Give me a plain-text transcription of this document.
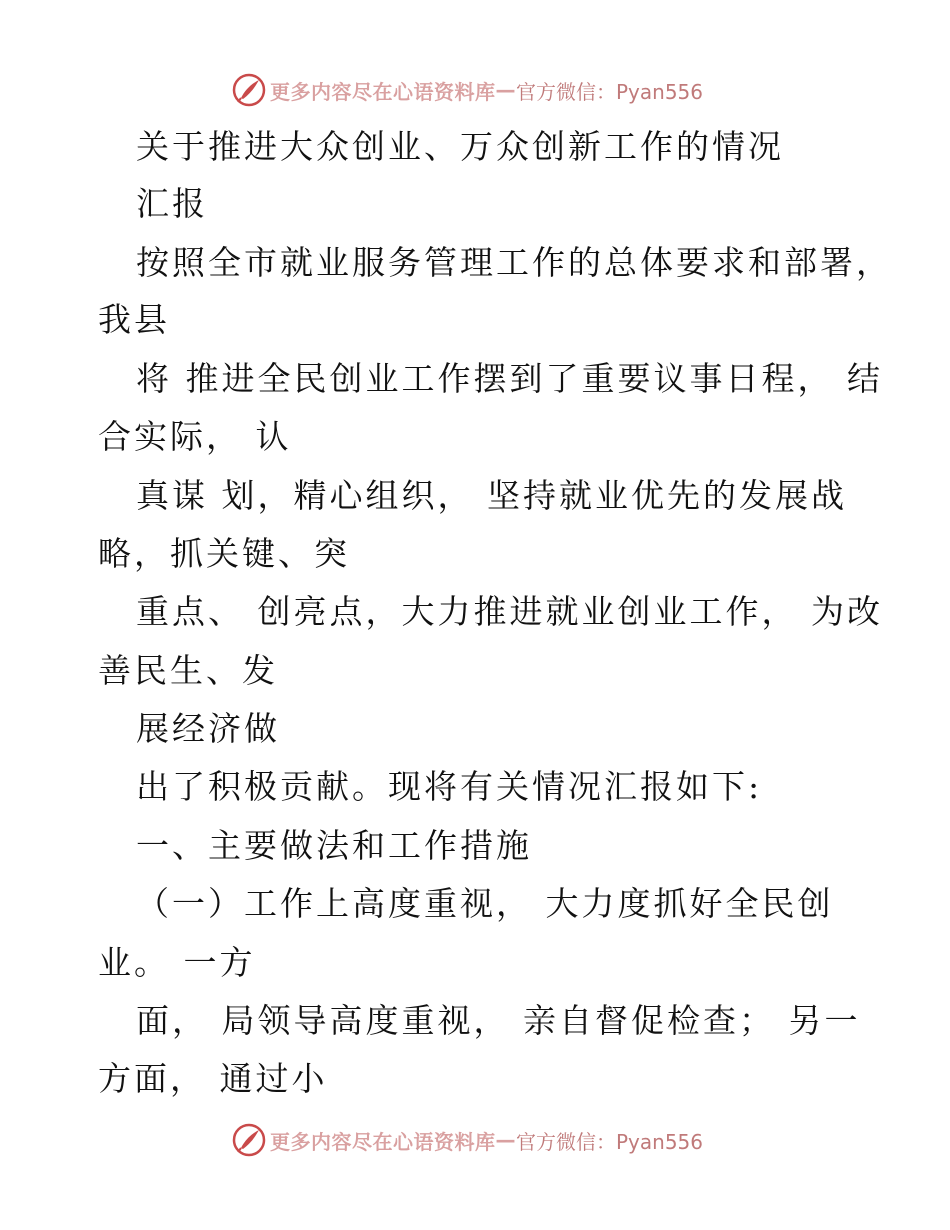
更多内容尽在心语资料库 — 官方微信：Pyan556
关于推进大众创业、万众创新工作的情况
汇报
按照全市就业服务管理工作的总体要求和部署，
我县
将 推进全民创业工作摆到了重要议事日程， 结
合实际， 认
真谋 划，精心组织， 坚持就业优先的发展战
略，抓关键、突
重点、 创亮点，大力推进就业创业工作， 为改
善民生、发
展经济做
出了积极贡献。现将有关情况汇报如下:
一、主要做法和工作措施
（一）工作上高度重视， 大力度抓好全民创
业。 一方
面， 局领导高度重视， 亲自督促检查； 另一
方面， 通过小
更多内容尽在心语资料库 — 官方微信：Pyan556
